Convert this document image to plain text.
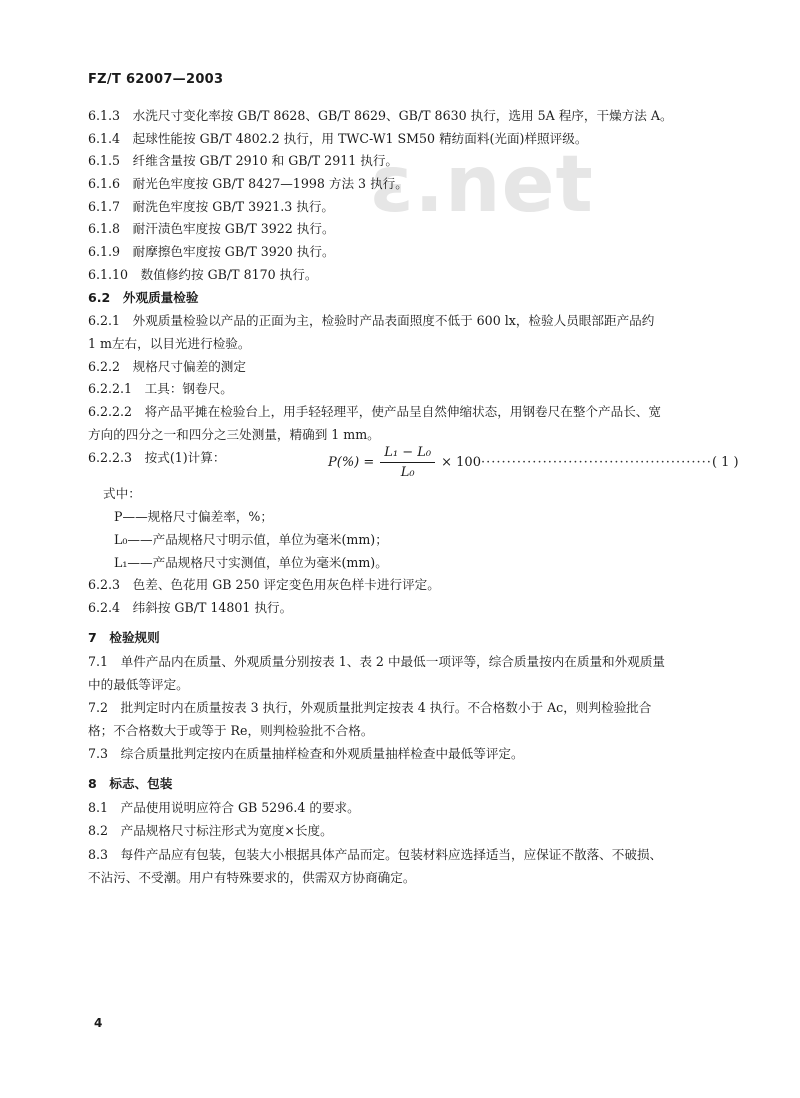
ε.net
FZ/T 62007—2003
6.1.3　水洗尺寸变化率按 GB/T 8628、GB/T 8629、GB/T 8630 执行，选用 5A 程序，干燥方法 A。
6.1.4　起球性能按 GB/T 4802.2 执行，用 TWC-W1 SM50 精纺面料(光面)样照评级。
6.1.5　纤维含量按 GB/T 2910 和 GB/T 2911 执行。
6.1.6　耐光色牢度按 GB/T 8427—1998 方法 3 执行。
6.1.7　耐洗色牢度按 GB/T 3921.3 执行。
6.1.8　耐汗渍色牢度按 GB/T 3922 执行。
6.1.9　耐摩擦色牢度按 GB/T 3920 执行。
6.1.10　数值修约按 GB/T 8170 执行。
6.2　外观质量检验
6.2.1　外观质量检验以产品的正面为主，检验时产品表面照度不低于 600 lx，检验人员眼部距产品约
1 m左右，以目光进行检验。
6.2.2　规格尺寸偏差的测定
6.2.2.1　工具：钢卷尺。
6.2.2.2　将产品平摊在检验台上，用手轻轻理平，使产品呈自然伸缩状态，用钢卷尺在整个产品长、宽
方向的四分之一和四分之三处测量，精确到 1 mm。
6.2.2.3　按式(1)计算：
式中：
P——规格尺寸偏差率，%；
L₀——产品规格尺寸明示值，单位为毫米(mm)；
L₁——产品规格尺寸实测值，单位为毫米(mm)。
6.2.3　色差、色花用 GB 250 评定变色用灰色样卡进行评定。
6.2.4　纬斜按 GB/T 14801 执行。
7　检验规则
7.1　单件产品内在质量、外观质量分别按表 1、表 2 中最低一项评等，综合质量按内在质量和外观质量
中的最低等评定。
7.2　批判定时内在质量按表 3 执行，外观质量批判定按表 4 执行。不合格数小于 Ac，则判检验批合
格；不合格数大于或等于 Re，则判检验批不合格。
7.3　综合质量批判定按内在质量抽样检查和外观质量抽样检查中最低等评定。
8　标志、包装
8.1　产品使用说明应符合 GB 5296.4 的要求。
8.2　产品规格尺寸标注形式为宽度×长度。
8.3　每件产品应有包装，包装大小根据具体产品而定。包装材料应选择适当，应保证不散落、不破损、
不沾污、不受潮。用户有特殊要求的，供需双方协商确定。
$P(\%) = \frac{\text{L₁ − L₀}}{\text{L₀}} \times 100$ ············································· ( 1 )
4
